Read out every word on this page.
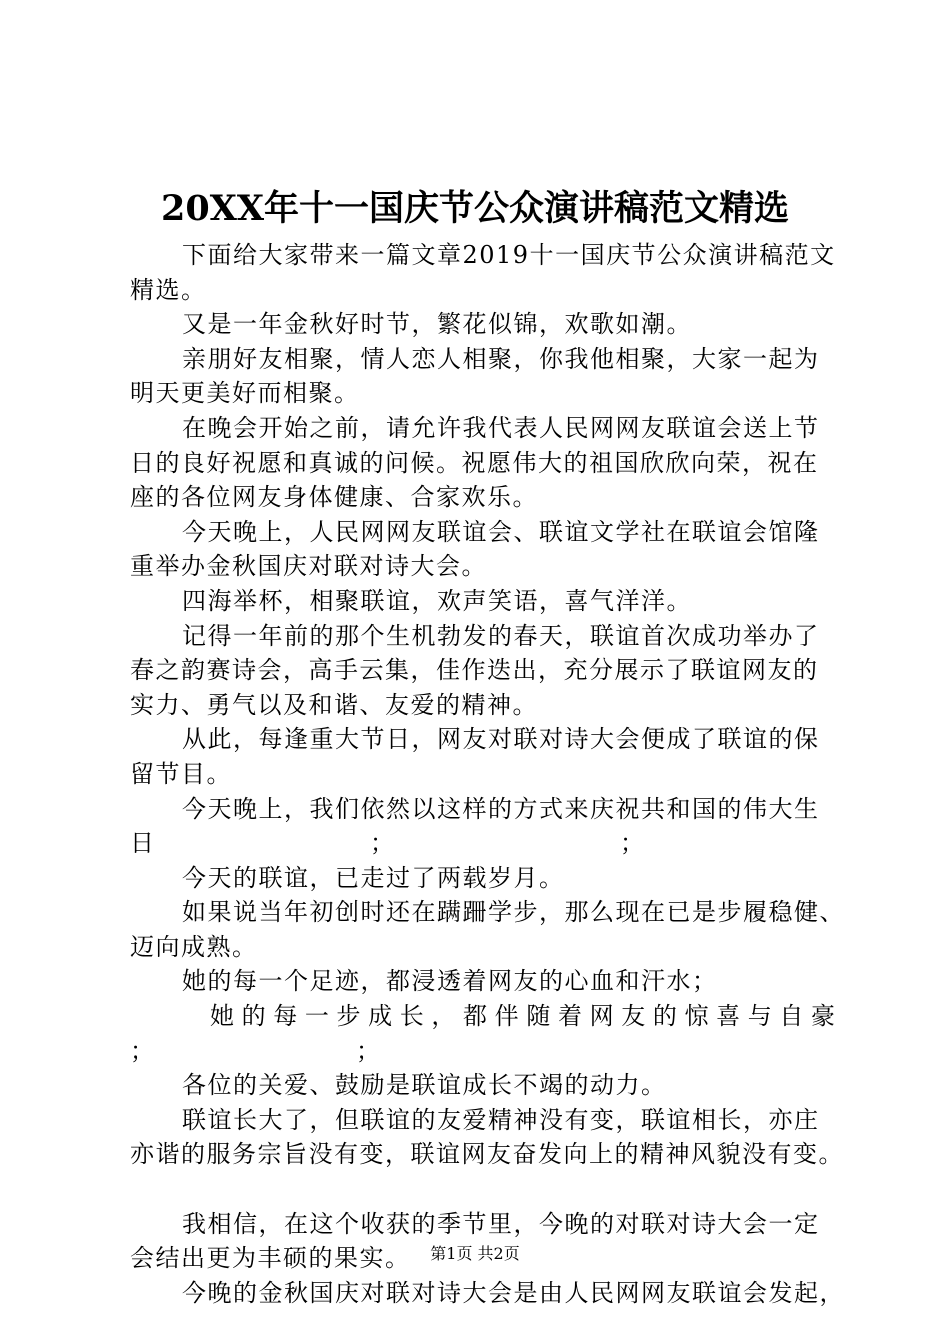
20XX年十一国庆节公众演讲稿范文精选
下面给大家带来一篇文章2019十一国庆节公众演讲稿范文
精选。
又是一年金秋好时节，繁花似锦，欢歌如潮。
亲朋好友相聚，情人恋人相聚，你我他相聚，大家一起为
明天更美好而相聚。
在晚会开始之前，请允许我代表人民网网友联谊会送上节
日的良好祝愿和真诚的问候。祝愿伟大的祖国欣欣向荣，祝在
座的各位网友身体健康、合家欢乐。
今天晚上，人民网网友联谊会、联谊文学社在联谊会馆隆
重举办金秋国庆对联对诗大会。
四海举杯，相聚联谊，欢声笑语，喜气洋洋。
记得一年前的那个生机勃发的春天，联谊首次成功举办了
春之韵赛诗会，高手云集，佳作迭出，充分展示了联谊网友的
实力、勇气以及和谐、友爱的精神。
从此，每逢重大节日，网友对联对诗大会便成了联谊的保
留节目。
今天晚上，我们依然以这样的方式来庆祝共和国的伟大生
日	；	；
今天的联谊，已走过了两载岁月。
如果说当年初创时还在蹒跚学步，那么现在已是步履稳健、
迈向成熟。
她的每一个足迹，都浸透着网友的心血和汗水；
她的每一步成长，都伴随着网友的惊喜与自豪
；	；
各位的关爱、鼓励是联谊成长不竭的动力。
联谊长大了，但联谊的友爱精神没有变，联谊相长，亦庄
亦谐的服务宗旨没有变，联谊网友奋发向上的精神风貌没有变。
我相信，在这个收获的季节里，今晚的对联对诗大会一定
会结出更为丰硕的果实。
今晚的金秋国庆对联对诗大会是由人民网网友联谊会发起，
第1页 共2页
